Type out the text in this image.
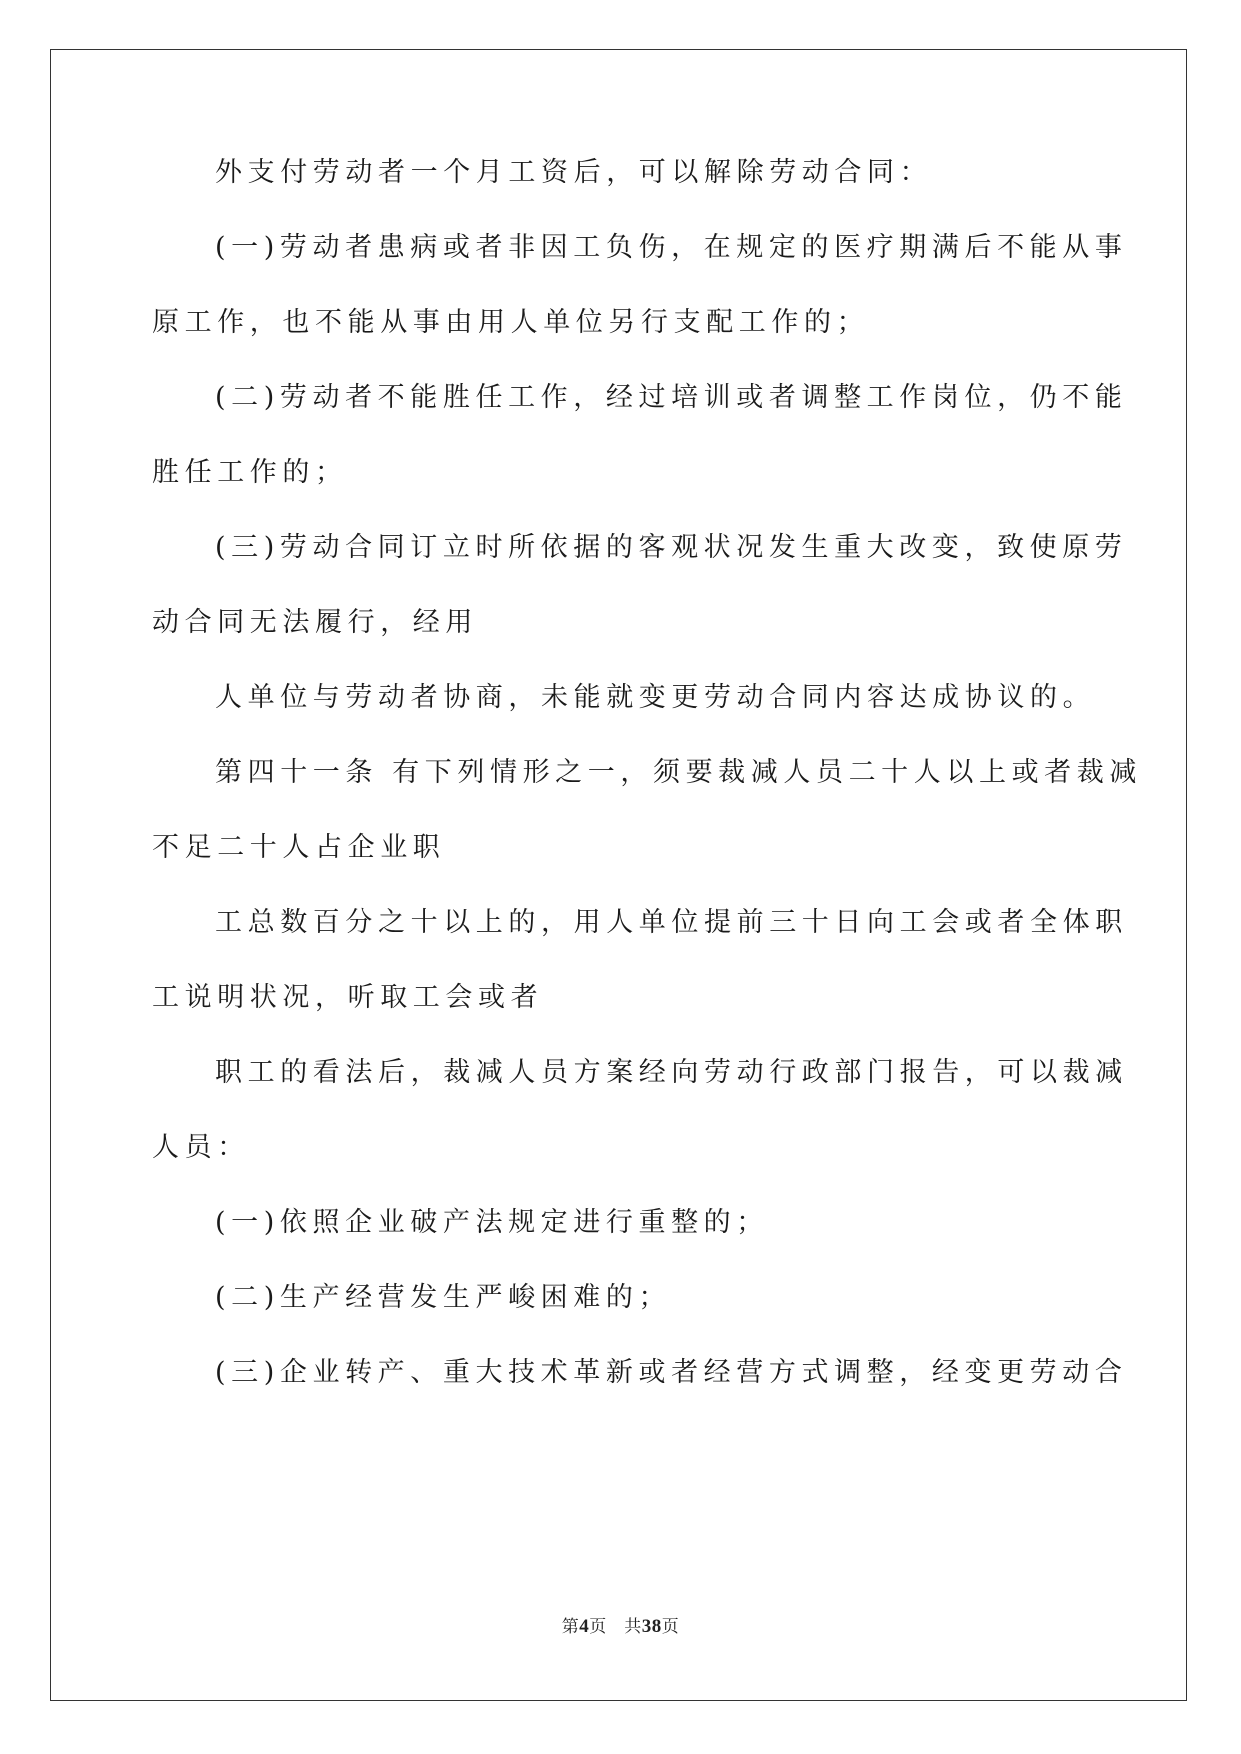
外支付劳动者一个月工资后，可以解除劳动合同：
(一)劳动者患病或者非因工负伤，在规定的医疗期满后不能从事
原工作，也不能从事由用人单位另行支配工作的；
(二)劳动者不能胜任工作，经过培训或者调整工作岗位，仍不能
胜任工作的；
(三)劳动合同订立时所依据的客观状况发生重大改变，致使原劳
动合同无法履行，经用
人单位与劳动者协商，未能就变更劳动合同内容达成协议的。
第四十一条 有下列情形之一，须要裁减人员二十人以上或者裁减
不足二十人占企业职
工总数百分之十以上的，用人单位提前三十日向工会或者全体职
工说明状况，听取工会或者
职工的看法后，裁减人员方案经向劳动行政部门报告，可以裁减
人员：
(一)依照企业破产法规定进行重整的；
(二)生产经营发生严峻困难的；
(三)企业转产、重大技术革新或者经营方式调整，经变更劳动合
第4页　共38页
